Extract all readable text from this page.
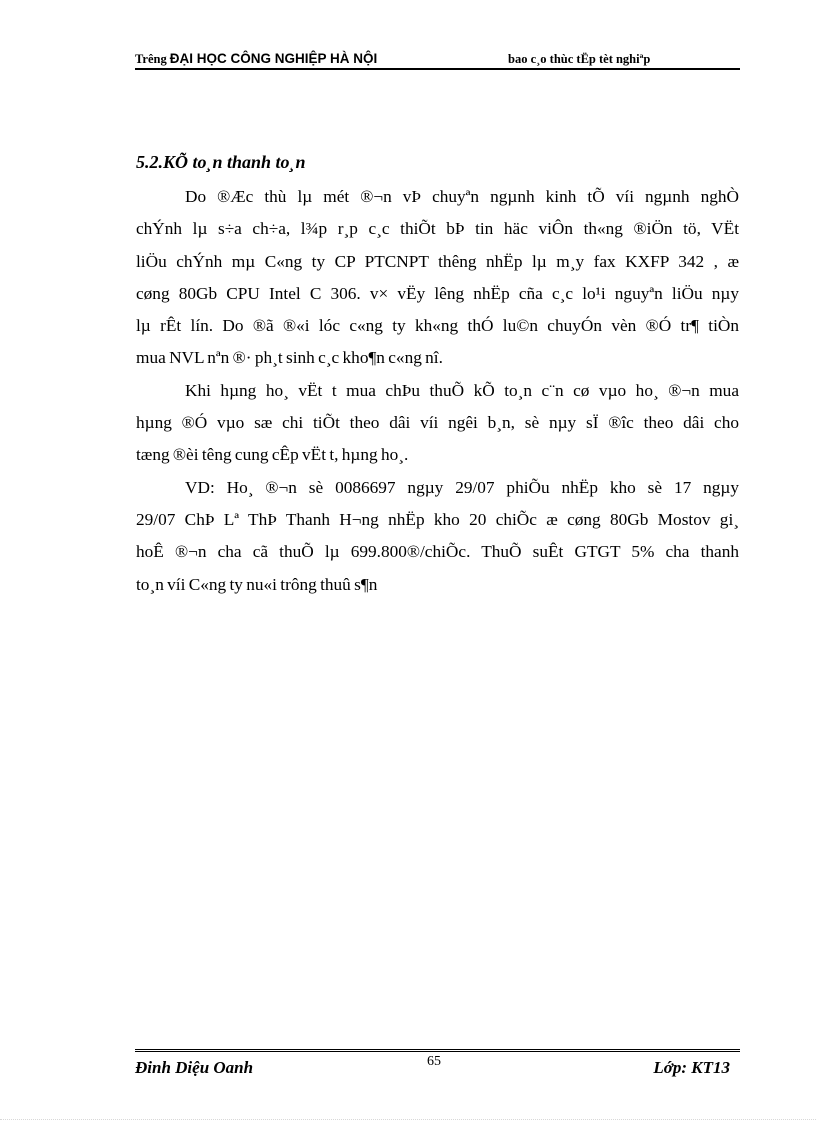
Trêng ĐẠI HỌC CÔNG NGHIỆP HÀ NỘI	bao c¸o thùc tËp tèt nghiªp
5.2.KÕ to¸n thanh to¸n
Do ®Æc thù lµ mét ®¬n vÞ chuyªn ngµnh kinh tÕ víi ngµnh nghÒ
chÝnh lµ s÷a ch÷a, l¾p r¸p c¸c thiÕt bÞ tin häc viÔn th«ng ®iÖn tö, VËt
liÖu chÝnh mµ C«ng ty CP PTCNPT thêng nhËp lµ m¸y fax KXFP 342 , æ
cøng 80Gb CPU Intel C 306. v× vËy lêng nhËp cña c¸c lo¹i nguyªn liÖu nµy
lµ rÊt lín. Do ®ã ®«i lóc c«ng ty kh«ng thÓ lu©n chuyÓn vèn ®Ó tr¶ tiÒn
mua NVL nªn ®· ph¸t sinh c¸c kho¶n c«ng nî.
Khi hµng ho¸ vËt t mua chÞu thuÕ kÕ to¸n c¨n cø vµo ho¸ ®¬n mua
hµng ®Ó vµo sæ chi tiÕt theo dâi víi ngêi b¸n, sè nµy sÏ ®îc theo dâi cho
tæng ®èi têng cung cÊp vËt t, hµng ho¸.
VD: Ho¸ ®¬n sè 0086697 ngµy 29/07 phiÕu nhËp kho sè 17 ngµy
29/07 ChÞ Lª ThÞ Thanh H¬ng nhËp kho 20 chiÕc æ cøng 80Gb Mostov gi¸
hoÊ ®¬n cha cã thuÕ lµ 699.800®/chiÕc. ThuÕ suÊt GTGT 5% cha thanh
to¸n víi C«ng ty nu«i trông thuû s¶n
Đinh Diệu Oanh	65	Lớp: KT13
